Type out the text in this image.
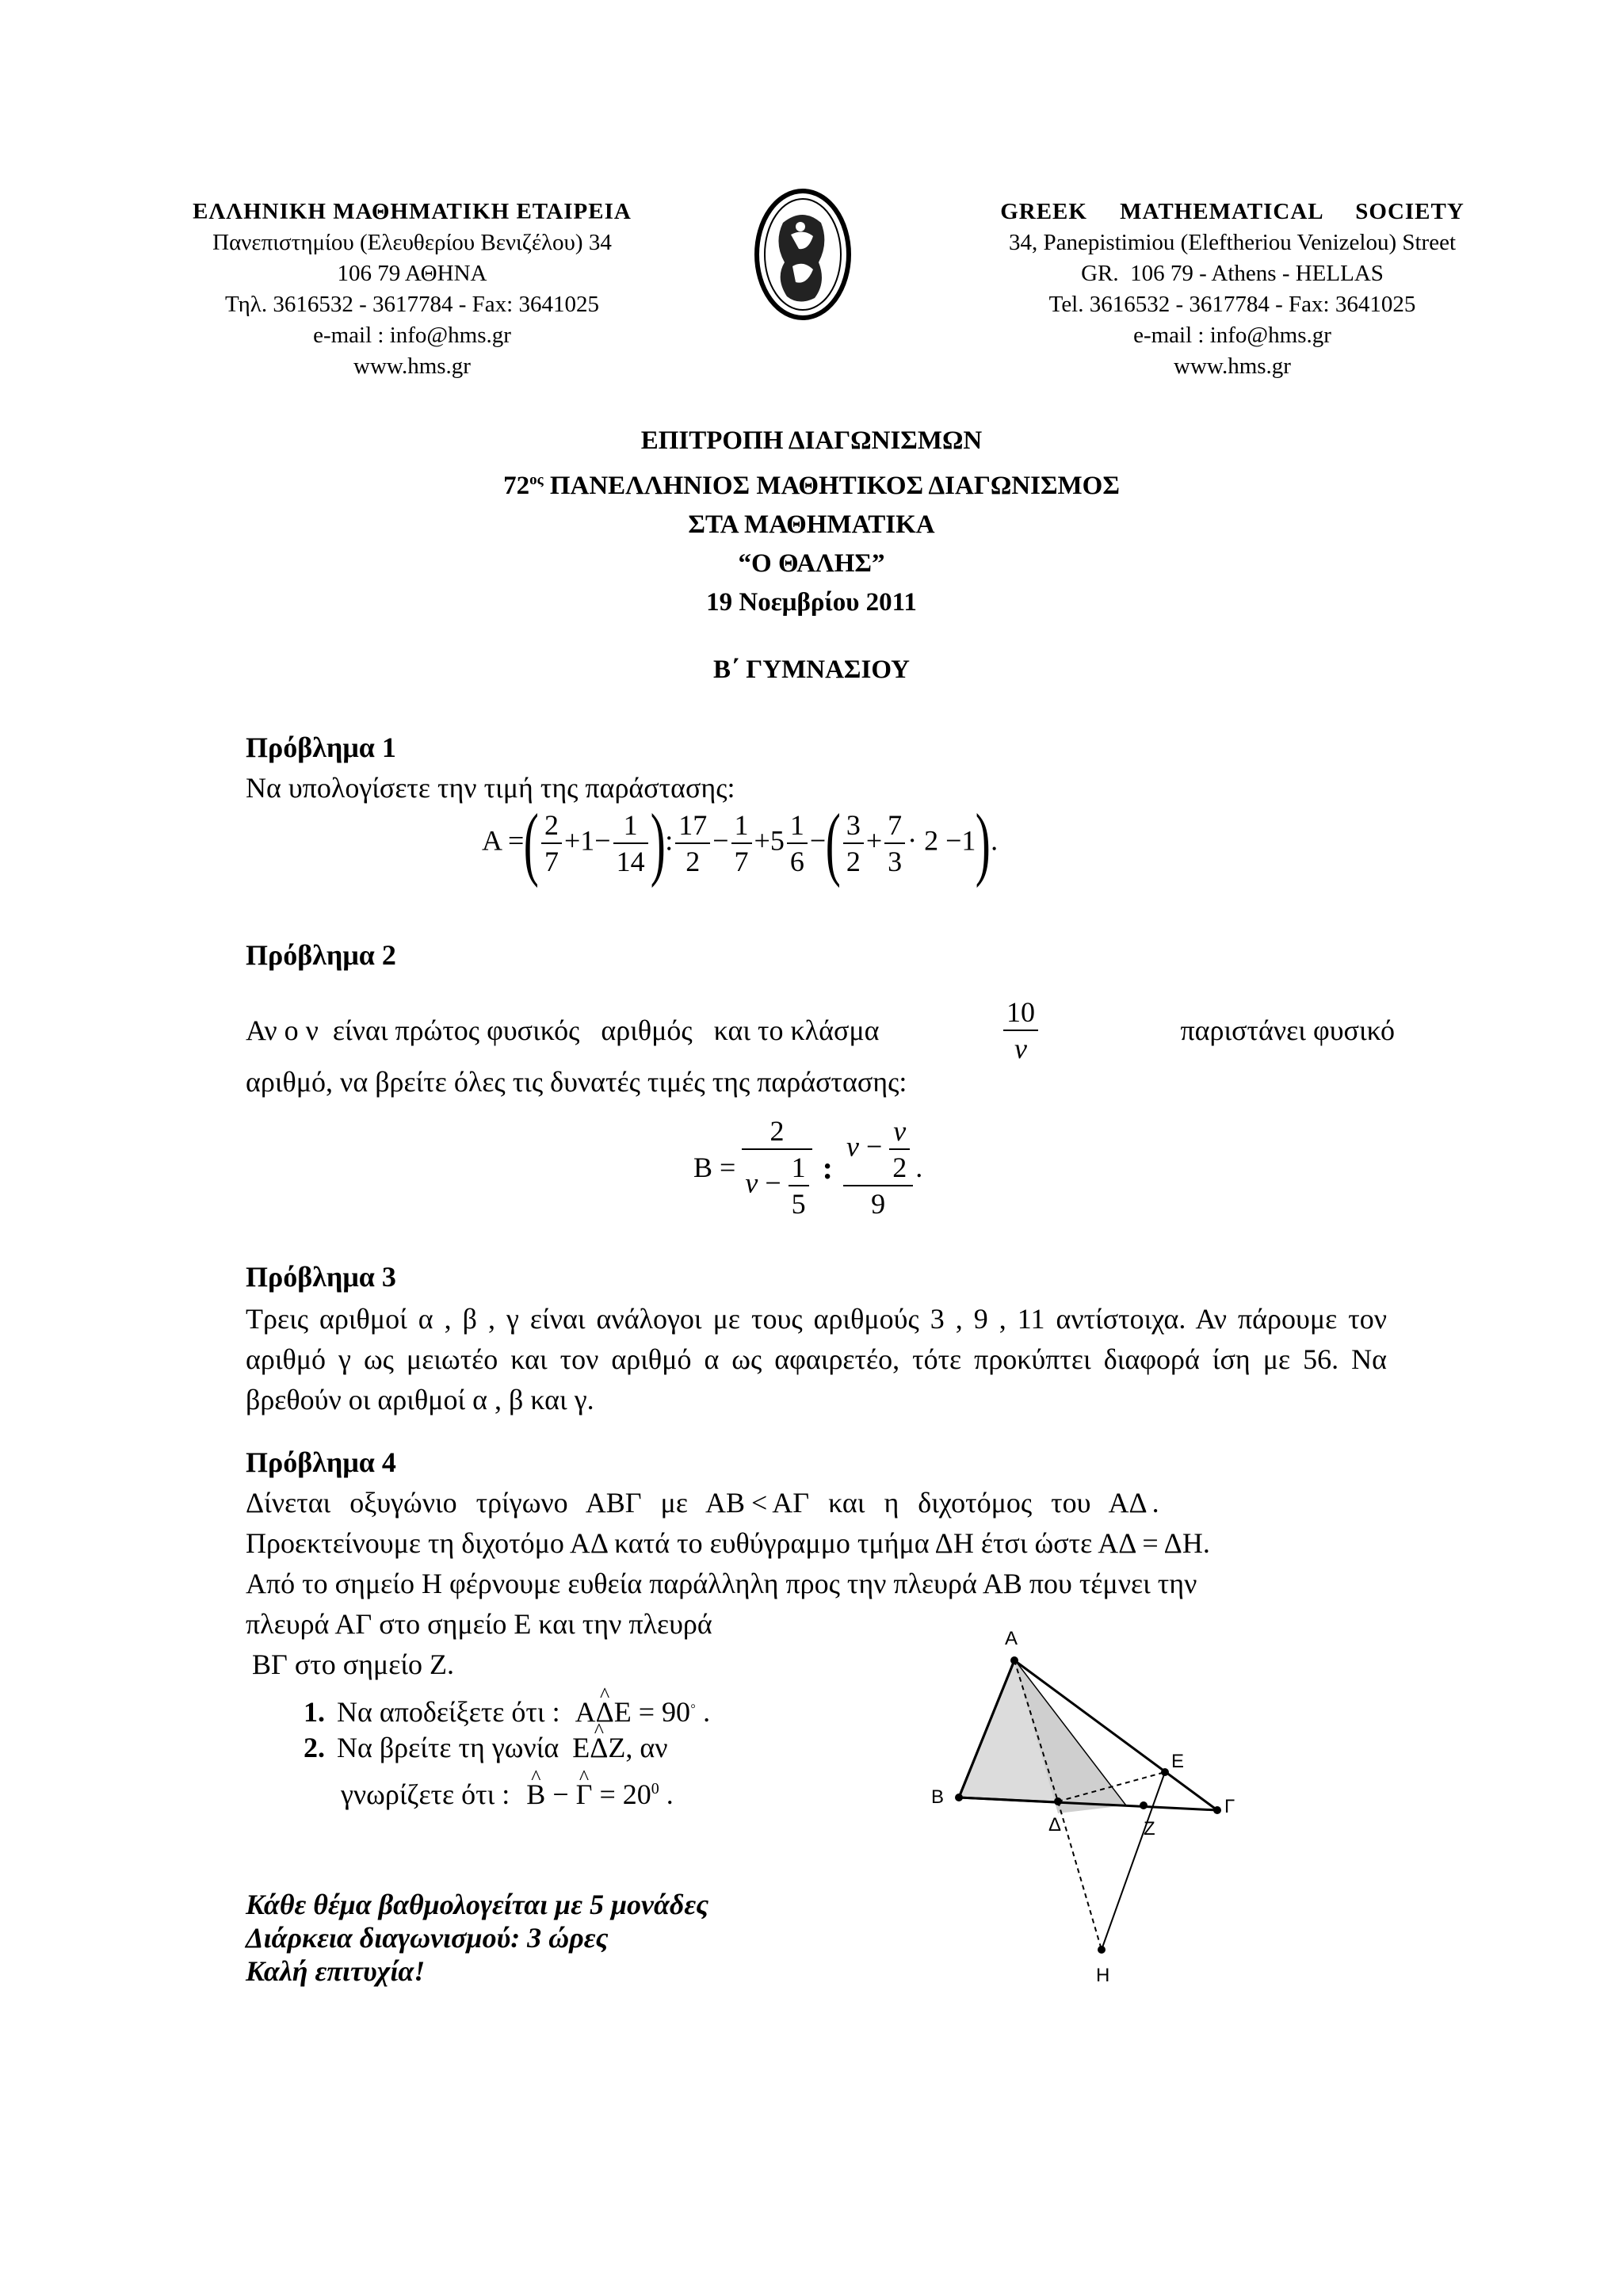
ΕΛΛΗΝΙΚΗ ΜΑΘΗΜΑΤΙΚΗ ΕΤΑΙΡΕΙΑ
Πανεπιστημίου (Ελευθερίου Βενιζέλου) 34
106 79 ΑΘΗΝΑ
Τηλ. 3616532 - 3617784 - Fax: 3641025
e-mail : info@hms.gr
www.hms.gr
GREEK     MATHEMATICAL     SOCIETY
34, Panepistimiou (Eleftheriou Venizelou) Street
GR.  106 79 - Athens - HELLAS
Tel. 3616532 - 3617784 - Fax: 3641025
e-mail : info@hms.gr
www.hms.gr
ΕΠΙΤΡΟΠΗ ΔΙΑΓΩΝΙΣΜΩΝ
$72^{o\varsigma}$ ΠΑΝΕΛΛΗΝΙΟΣ ΜΑΘΗΤΙΚΟΣ ΔΙΑΓΩΝΙΣΜΟΣ
ΣΤΑ ΜΑΘΗΜΑΤΙΚΑ
“Ο ΘΑΛΗΣ”
19 Νοεμβρίου 2011
Β΄ ΓΥΜΝΑΣΙΟΥ
Πρόβλημα 1
Να υπολογίσετε την τιμή της παράστασης:
A =( $\frac{2}{7} +1- \frac{1}{14}$ ): $\frac{17}{2} - \frac{1}{7} +5 \frac{1}{6}$ −( $\frac{3}{2} + \frac{7}{3} \cdot 2 -1$).
Πρόβλημα 2
Αν ο ν  είναι πρώτος φυσικός   αριθμός   και το κλάσμα	$\frac{10}{\nu}$	παριστάνει φυσικό
αριθμό, να βρείτε όλες τις δυνατές τιμές της παράστασης:
$B = \frac{2}{\nu - \frac{1}{5}}$ : $\frac{\nu - \frac{\nu}{2}}{9}$ .
Πρόβλημα 3
Τρεις αριθμοί α , β , γ είναι ανάλογοι με τους αριθμούς 3 , 9 , 11 αντίστοιχα. Αν πάρουμε τον αριθμό γ ως μειωτέο και τον αριθμό α ως αφαιρετέο, τότε προκύπτει διαφορά ίση με 56. Να βρεθούν οι αριθμοί α , β και γ.
Πρόβλημα 4
Δίνεται   οξυγώνιο   τρίγωνο   ΑΒΓ   με   ΑΒ < ΑΓ   και   η   διχοτόμος   του   ΑΔ .
Προεκτείνουμε τη διχοτόμο ΑΔ κατά το ευθύγραμμο τμήμα ΔΗ έτσι ώστε ΑΔ = ΔΗ.
Από το σημείο Η φέρνουμε ευθεία παράλληλη προς την πλευρά ΑΒ που τέμνει την
πλευρά ΑΓ στο σημείο Ε και την πλευρά
ΒΓ στο σημείο Ζ.
1. Να αποδείξετε ότι : Α^ ΔΕ = 90◦ .
2. Να βρείτε τη γωνία Ε^ ΔΖ, αν
γνωρίζετε ότι : ^ Β − ^ $\Gamma = 20^0$ .
Α
Β	Γ
Δ
Ε
Ζ
Η
Κάθε θέμα βαθμολογείται με 5 μονάδες
Διάρκεια διαγωνισμού: 3 ώρες
Καλή επιτυχία!
